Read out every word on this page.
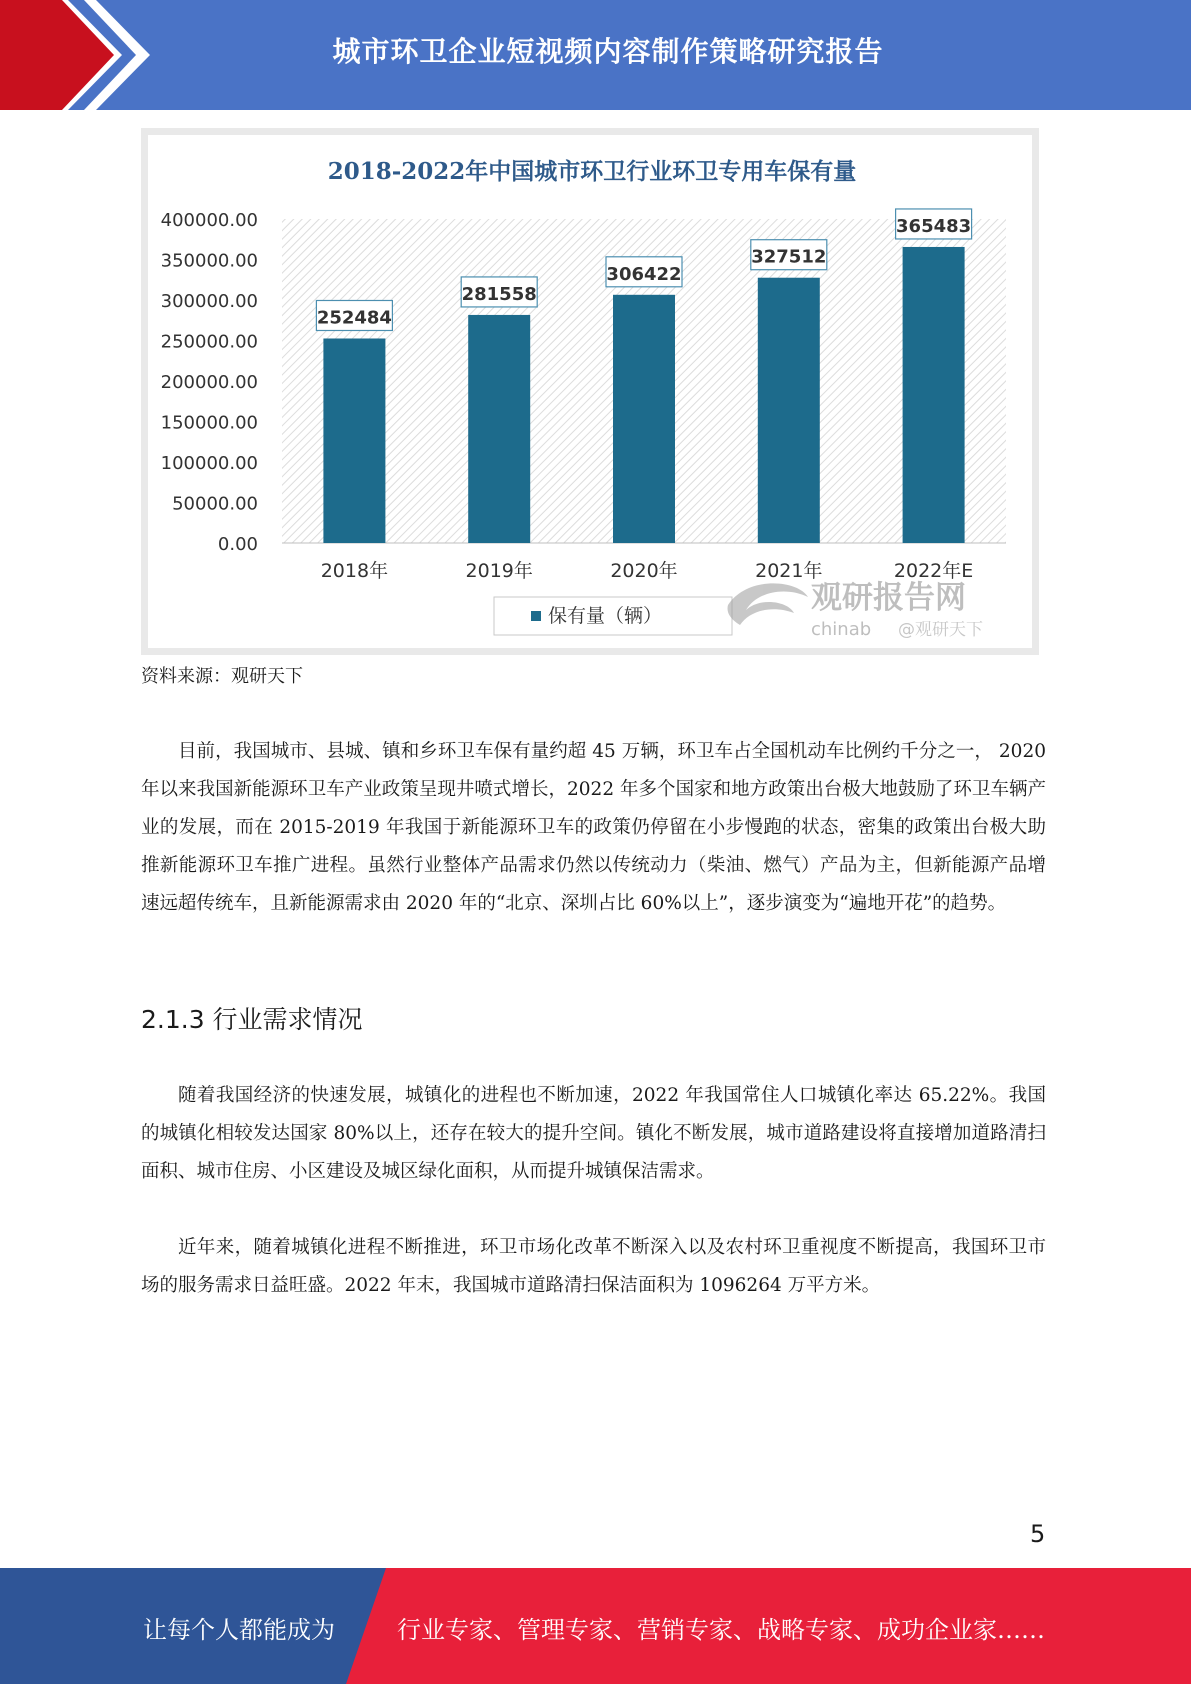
城市环卫企业短视频内容制作策略研究报告
2018-2022年中国城市环卫行业环卫专用车保有量
0.00
50000.00
100000.00
150000.00
200000.00
250000.00
300000.00
350000.00
400000.00
252484
281558
306422
327512
365483
2018年	2019年	2020年	2021年	2022年E
保有量（辆）	观研报告网
chinab @观研天下
资料来源：观研天下

目前，我国城市、县城、镇和乡环卫车保有量约超 45 万辆，环卫车占全国机动车比例约千分之一， 2020 年以来我国新能源环卫车产业政策呈现井喷式增长，2022 年多个国家和地方政策出台极大地鼓励了环卫车辆产业的发展，而在 2015-2019 年我国于新能源环卫车的政策仍停留在小步慢跑的状态，密集的政策出台极大助推新能源环卫车推广进程。虽然行业整体产品需求仍然以传统动力（柴油、燃气）产品为主，但新能源产品增速远超传统车，且新能源需求由 2020 年的“北京、深圳占比 60%以上”，逐步演变为“遍地开花”的趋势。

2.1.3 行业需求情况

随着我国经济的快速发展，城镇化的进程也不断加速，2022 年我国常住人口城镇化率达 65.22%。我国的城镇化相较发达国家 80%以上，还存在较大的提升空间。镇化不断发展，城市道路建设将直接增加道路清扫面积、城市住房、小区建设及城区绿化面积，从而提升城镇保洁需求。

近年来，随着城镇化进程不断推进，环卫市场化改革不断深入以及农村环卫重视度不断提高，我国环卫市场的服务需求日益旺盛。2022 年末，我国城市道路清扫保洁面积为 1096264 万平方米。

5
让每个人都能成为	行业专家、管理专家、营销专家、战略专家、成功企业家……
